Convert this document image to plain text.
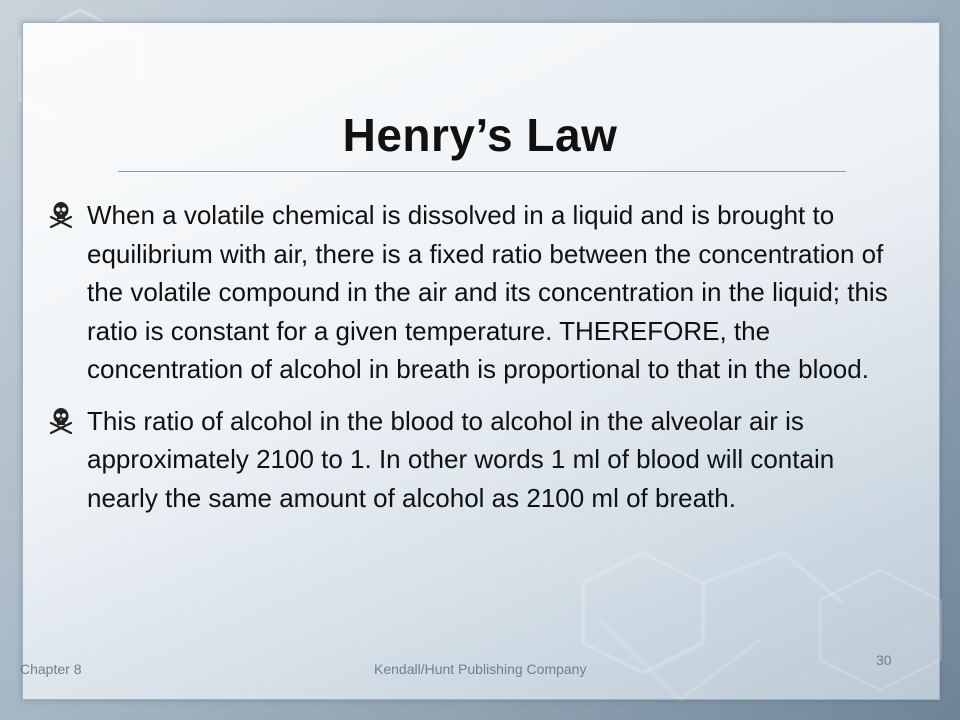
Henry’s Law
When a volatile chemical is dissolved in a liquid and is brought to equilibrium with air, there is a fixed ratio between the concentration of the volatile compound in the air and its concentration in the liquid; this ratio is constant for a given temperature. THEREFORE, the concentration of alcohol in breath is proportional to that in the blood.
This ratio of alcohol in the blood to alcohol in the alveolar air is approximately 2100 to 1. In other words 1 ml of blood will contain nearly the same amount of alcohol as 2100 ml of breath.
Chapter 8	Kendall/Hunt Publishing Company
30
